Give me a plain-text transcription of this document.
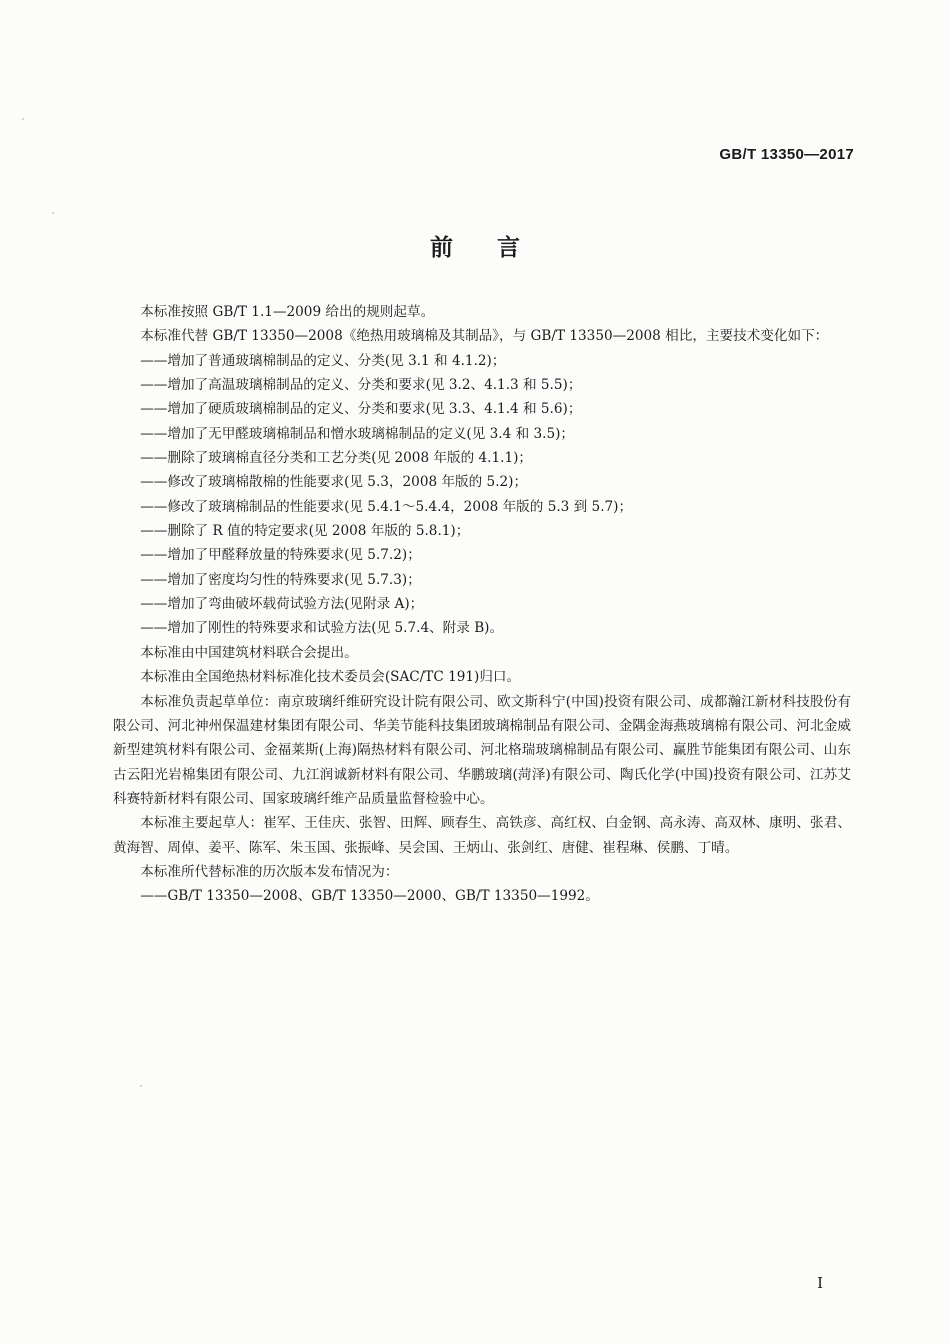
GB/T 13350—2017
前言

本标准按照 GB/T 1.1—2009 给出的规则起草。

本标准代替 GB/T 13350—2008《绝热用玻璃棉及其制品》，与 GB/T 13350—2008 相比，主要技术变化如下：

——增加了普通玻璃棉制品的定义、分类(见 3.1 和 4.1.2)；

——增加了高温玻璃棉制品的定义、分类和要求(见 3.2、4.1.3 和 5.5)；

——增加了硬质玻璃棉制品的定义、分类和要求(见 3.3、4.1.4 和 5.6)；

——增加了无甲醛玻璃棉制品和憎水玻璃棉制品的定义(见 3.4 和 3.5)；

——删除了玻璃棉直径分类和工艺分类(见 2008 年版的 4.1.1)；

——修改了玻璃棉散棉的性能要求(见 5.3，2008 年版的 5.2)；

——修改了玻璃棉制品的性能要求(见 5.4.1～5.4.4，2008 年版的 5.3 到 5.7)；

——删除了 R 值的特定要求(见 2008 年版的 5.8.1)；

——增加了甲醛释放量的特殊要求(见 5.7.2)；

——增加了密度均匀性的特殊要求(见 5.7.3)；

——增加了弯曲破坏载荷试验方法(见附录 A)；

——增加了刚性的特殊要求和试验方法(见 5.7.4、附录 B)。

本标准由中国建筑材料联合会提出。

本标准由全国绝热材料标准化技术委员会(SAC/TC 191)归口。

本标准负责起草单位：南京玻璃纤维研究设计院有限公司、欧文斯科宁(中国)投资有限公司、成都瀚江新材科技股份有限公司、河北神州保温建材集团有限公司、华美节能科技集团玻璃棉制品有限公司、金隅金海燕玻璃棉有限公司、河北金威新型建筑材料有限公司、金福莱斯(上海)隔热材料有限公司、河北格瑞玻璃棉制品有限公司、赢胜节能集团有限公司、山东古云阳光岩棉集团有限公司、九江润诚新材料有限公司、华鹏玻璃(菏泽)有限公司、陶氏化学(中国)投资有限公司、江苏艾科赛特新材料有限公司、国家玻璃纤维产品质量监督检验中心。

本标准主要起草人：崔军、王佳庆、张智、田辉、顾春生、高铁彦、高红权、白金钢、高永涛、高双林、康明、张君、黄海智、周倬、姜平、陈军、朱玉国、张振峰、吴会国、王炳山、张剑红、唐健、崔程琳、侯鹏、丁晴。

本标准所代替标准的历次版本发布情况为：

——GB/T 13350—2008、GB/T 13350—2000、GB/T 13350—1992。

I
